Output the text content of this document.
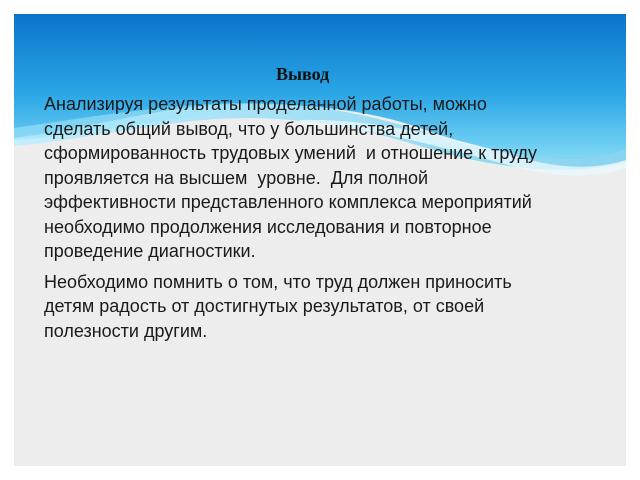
Вывод

Анализируя результаты проделанной работы, можно
сделать общий вывод, что у большинства детей,
сформированность трудовых умений  и отношение к труду
проявляется на высшем  уровне.  Для полной
эффективности представленного комплекса мероприятий
необходимо продолжения исследования и повторное
проведение диагностики.

Необходимо помнить о том, что труд должен приносить
детям радость от достигнутых результатов, от своей
полезности другим.
